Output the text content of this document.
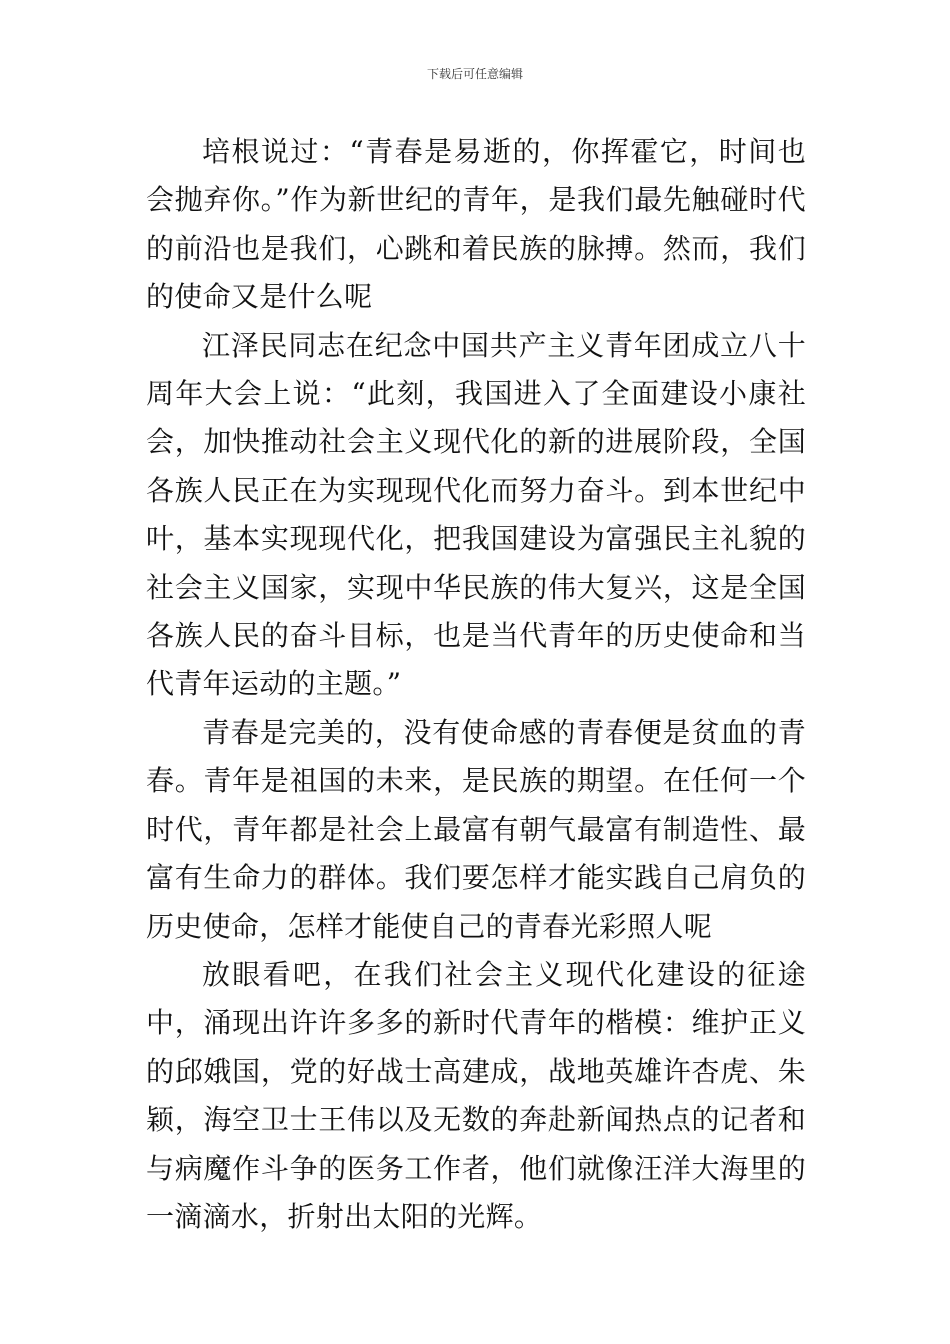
下载后可任意编辑

培根说过：“青春是易逝的，你挥霍它，时间也会抛弃你。”作为新世纪的青年，是我们最先触碰时代的前沿也是我们，心跳和着民族的脉搏。然而，我们的使命又是什么呢

江泽民同志在纪念中国共产主义青年团成立八十周年大会上说：“此刻，我国进入了全面建设小康社会，加快推动社会主义现代化的新的进展阶段，全国各族人民正在为实现现代化而努力奋斗。到本世纪中叶，基本实现现代化，把我国建设为富强民主礼貌的社会主义国家，实现中华民族的伟大复兴，这是全国各族人民的奋斗目标，也是当代青年的历史使命和当代青年运动的主题。”

青春是完美的，没有使命感的青春便是贫血的青春。青年是祖国的未来，是民族的期望。在任何一个时代，青年都是社会上最富有朝气最富有制造性、最富有生命力的群体。我们要怎样才能实践自己肩负的历史使命，怎样才能使自己的青春光彩照人呢

放眼看吧，在我们社会主义现代化建设的征途中，涌现出许许多多的新时代青年的楷模：维护正义的邱娥国，党的好战士高建成，战地英雄许杏虎、朱颖，海空卫士王伟以及无数的奔赴新闻热点的记者和与病魔作斗争的医务工作者，他们就像汪洋大海里的一滴滴水，折射出太阳的光辉。
